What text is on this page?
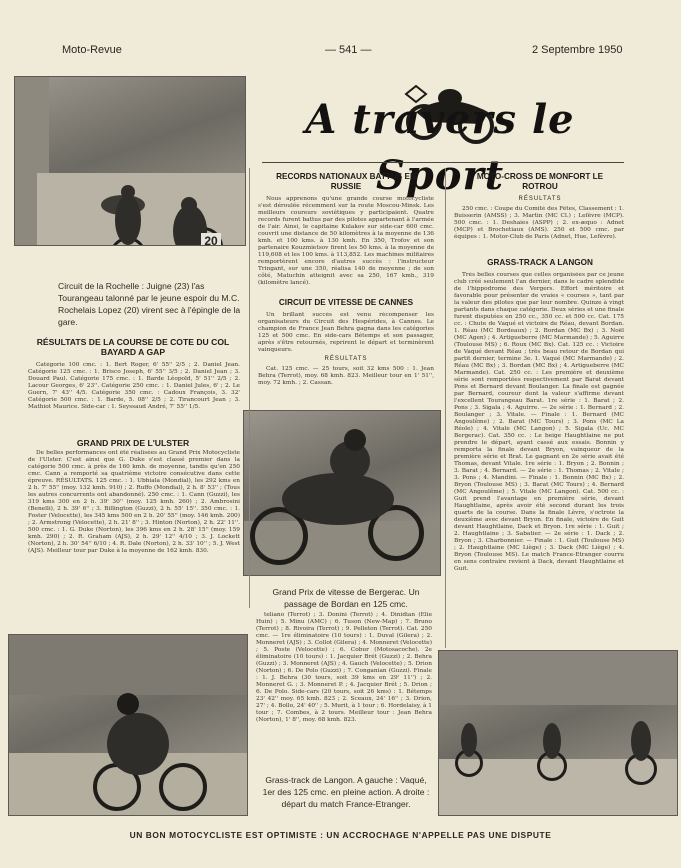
Moto-Revue	— 541 —	2 Septembre 1950
20
Circuit de la Rochelle : Juigne (23) l'as Tourangeau talonné par le jeune espoir du M.C. Rochelais Lopez (20) virent sec à l'épingle de la gare.
A travers le Sport
RÉSULTATS DE LA COURSE DE COTE DU COL BAYARD A GAP

Catégorie 100 cmc. : 1. Bert Roger, 6' 55'' 2/5 ; 2. Daniel Jean. Catégorie 125 cmc. : 1. Brisco Joseph, 6' 55'' 3/5 ; 2. Daniel Jean ; 3. Douard Paul. Catégorie 175 cmc. : 1. Barde Léopold, 5' 51'' 2/5 ; 2. Lacour Georges, 6' 23''. Catégorie 250 cmc. : 1. Daniel Jules, 6' ; 2. Le Guern, 7' 43'' 4/5. Catégorie 350 cmc. : Cadoux François, 3. 32' Catégorie 500 cmc. : 1. Barde, 5. 08'' 2/5 ; 2. Tirancourt Jean ; 3. Mathiot Maurice. Side-car : 1. Seyssaud André, 7' 55'' 1/5.

GRAND PRIX DE L'ULSTER

De belles performances ont été réalisées au Grand Prix Motocycliste de l'Ulster. C'est ainsi que G. Duke s'est classé premier dans la catégorie 500 cmc. à près de 160 kmh. de moyenne, tandis qu'en 250 cmc. Cann a remporté sa quatrième victoire consécutive dans cette épreuve. RÉSULTATS. 125 cmc. : 1. Ubbiala (Mondial), les 292 kms en 2 h. 7' 55'' (moy. 132 kmh. 910) ; 2. Ruffo (Mondial), 2 h. 8' 53'' ; (Tous les autres concurrents ont abandonné). 250 cmc. : 1. Cann (Guzzi), les 319 kms 300 en 2 h. 39' 30'' (moy. 125 kmh. 260) ; 2. Ambrosini (Benelli), 2 h. 39' 6'' ; 3. Billington (Guzzi), 2 h. 55' 15''. 350 cmc. : 1. Foster (Velocette), les 345 kms 500 en 2 h. 20' 55'' (moy. 146 kmh. 200) ; 2. Armstrong (Velocette), 2 h. 21' 8'' ; 3. Hinton (Norton), 2 h. 22' 11''. 500 cmc. : 1. G. Duke (Norton), les 396 kms en 2 h. 28' 15'' (moy. 159 kmh. 290) ; 2. R. Graham (AJS), 2 h. 29' 12'' 4/10 ; 3. J. Lockett (Norton), 2 h. 30' 54'' 6/10 ; 4. R. Dale (Norton), 2 h. 33' 10'' ; 5. J. West (AJS). Meilleur tour par Duke à la moyenne de 162 kmh. 830.

RECORDS NATIONAUX BATTUS EN RUSSIE

Nous apprenons qu'une grande course motocycliste s'est déroulée récemment sur la route Moscou-Minsk. Les meilleurs coureurs soviétiques y participaient. Quatre records furent battus par des pilotes appartenant à l'armée de l'air. Ainsi, le capitaine Kulakov sur side-car 600 cmc. couvrit une distance de 50 kilomètres à la moyenne de 136 kmh. et 100 kms. à 130 kmh. En 350, Trofov et son partenaire Kouzmietsov firent les 50 kms. à la moyenne de 119,608 et les 100 kms. à 113,852. Les machines militaires remportèrent encore d'autres succès : l'instructeur Tringant, sur une 350, réalisa 140 de moyenne ; de son côté, Matuchin atteignit avec sa 250, 167 kmh., 319 (kilomètre lancé).

CIRCUIT DE VITESSE DE CANNES

Un brillant succès est venu récompenser les organisateurs du Circuit des Hespérides, à Cannes. Le champion de France Jean Behra gagna dans les catégories 125 et 500 cmc. En side-cars Bétemps et son passager, après s'être retournés, reprirent le départ et terminèrent vainqueurs.

RÉSULTATS

Cat. 125 cmc. — 25 tours, soit 32 kms 500 : 1. Jean Behra (Terrot), moy. 68 kmh. 823. Meilleur tour en 1' 51'', moy. 72 kmh. ; 2. Cassan.

Grand Prix de vitesse de Bergerac. Un passage de Bordan en 125 cmc.

teliano (Terrot) ; 3. Donini (Terrot) ; 4. Dinidian (Elie Huin) ; 5. Minu (AMC) ; 6. Tuson (New-Map) ; 7. Bruno (Terrot) ; 8. Rivoira (Terrot) ; 9. Pelleton (Terrot). Cat. 250 cmc. — 1re éliminatoire (10 tours) : 1. Duval (Gilera) ; 2. Monneret (AJS) ; 3. Collot (Gilera) ; 4. Monneret (Velocette) ; 5. Poste (Velocette) ; 6. Cobur (Motosacoche). 2e éliminatoire (10 tours) : 1. Jacquier Brét (Guzzi) ; 2. Behra (Guzzi) ; 3. Monneret (AJS) ; 4. Gauch (Velocette) ; 5. Drion (Norton) ; 6. De Polo (Guzzi) ; 7. Conganian (Guzzi). Finale : 1. J. Behra (30 tours, soit 39 kms en 29' 11'') ; 2. Monneret G. ; 3. Monneret P. ; 4. Jacquier Brét ; 5. Drion ; 6. De Polo. Side-cars (20 tours, soit 26 kms) : 1. Bétemps 23' 42'' moy. 65 kmh. 823 ; 2. Sceaux, 24' 16'' ; 3. Drion, 27' ; 4. Bollo, 24' 40'' ; 5. Murit, à 1 tour ; 6. Hordelaisy, à 1 tour ; 7. Combes, à 2 tours. Meilleur tour : Jean Behra (Norton), 1' 8'', moy. 68 kmh. 823.

Grass-track de Langon. A gauche : Vaqué, 1er des 125 cmc. en pleine action. A droite : départ du match France-Etranger.
MOTO-CROSS DE MONFORT LE ROTROU
RÉSULTATS

250 cmc. : Coupe du Comité des Fêtes, Classement : 1. Buisserin (AMSS) ; 3. Martin (MC Cl.) ; Lefèvre (MCP). 500 cmc. : 1. Deshaies (ASPP) ; 2. ex-æquo : Adnet (MCP) et Brochetiaux (AMS). 250 et 500 cmc. par équipes : 1. Motor-Club de Paris (Adnet, Hue, Lefèvre).

GRASS-TRACK A LANGON

Très belles courses que celles organisées par ce jeune club créé seulement l'an dernier, dans le cadre splendide de l'hippodrome des Vergers. Effort méritoire et favorable pour présenter de vraies « courses », tant par la valeur des pilotes que par leur nombre. Quinze à vingt partants dans chaque catégorie. Deux séries et une finale furent disputées en 250 cc., 350 cc. et 500 cc. Cat. 175 cc. : Chute de Vaqué et victoire de Réau, devant Bordan. 1. Réau (MC Bordeaux) ; 2. Bordan (MC Bx) ; 3. Noël (MC Agen) ; 4. Artigueberre (MC Marmande) ; 5. Aguirre (Toulouse MS) ; 6. Roux (MC Bx). Cat. 125 cc. : Victoire de Vaqué devant Réau ; très beau retour de Bordan qui partit dernier, termine 3e. 1. Vaqué (MC Marmande) ; 2. Réau (MC Bx) ; 3. Bordan (MC Bx) ; 4. Artigueberre (MC Marmande). Cat. 250 cc. : Les première et deuxième série sont remportées respectivement par Barat devant Pons et Bernard devant Boulanger. La finale est gagnée par Bernard, coureur dont la valeur s'affirme devant l'excellent Tourangeau Barat. 1re série : 1. Barat ; 2. Pons ; 3. Sigala ; 4. Aguirre. — 2e série : 1. Bernard ; 2. Boulanger ; 3. Vitale. — Finale : 1. Bernard (MC Angoulême) ; 2. Barat (MC Tours) ; 3. Pons (MC La Réole) ; 4. Vitale (MC Langon) ; 5. Sigala (Uc. MC Bergerac). Cat. 350 cc. : Le beige Haughtlaine ne put prendre le départ, ayant cassé aux essais. Bonnin y remporta la finale devant Bryon, vainqueur de la première série et Brat. Le gagnant en 2e série avait été Thomas, devant Vitale. 1re série : 1. Bryon ; 2. Bonnin ; 3. Barat ; 4. Bernard. — 2e série : 1. Thomas ; 2. Vitale ; 3. Pons ; 4. Mandini. — Finale : 1. Bonnin (MC Bx) ; 2. Bryon (Toulouse MS) ; 3. Barat (MC Tours) ; 4. Bernard (MC Angoulême) ; 5. Vitale (MC Langon). Cat. 500 cc. : Guit prend l'avantage en première série, devant Haughtlaine, après avoir été second durant les trois quarts de la course. Dans la finale Lèvre, s'octroie la deuxième avec devant Bryon. En finale, victoire de Guit devant Haughtlaine, Dack et Bryon. 1re série : 1. Guit ; 2. Haughtlaine ; 3. Sabatier. — 2e série : 1. Dack ; 2. Bryon ; 3. Charbonnier. — Finale : 1. Guit (Toulouse MS) ; 2. Haughtlaine (MC Liège) ; 3. Dack (MC Liège) ; 4. Bryon (Toulouse MS). Le match France-Etranger courru en sens contraire revient à Dack, devant Haughtlaine et Guit.

UN BON MOTOCYCLISTE EST OPTIMISTE : UN ACCROCHAGE N'APPELLE PAS UNE DISPUTE
